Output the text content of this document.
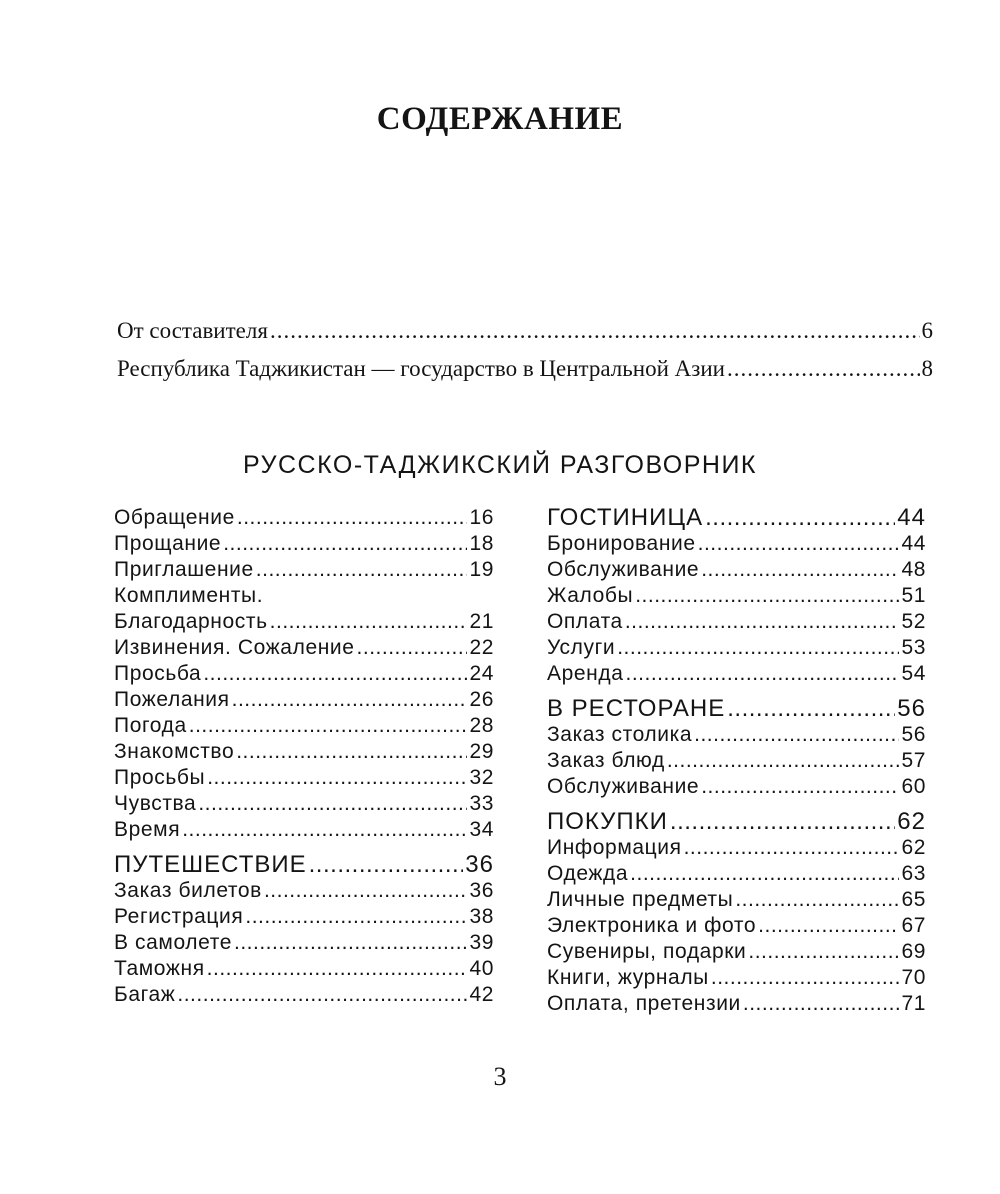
СОДЕРЖАНИЕ
От составителя .....	6
Республика Таджикистан — государство в Центральной Азии .....	8
РУССКО-ТАДЖИКСКИЙ РАЗГОВОРНИК
Обращение .....	16
Прощание .....	18
Приглашение .....	19
Комплименты.
Благодарность .....	21
Извинения. Сожаление .....	22
Просьба .....	24
Пожелания .....	26
Погода .....	28
Знакомство .....	29
Просьбы .....	32
Чувства .....	33
Время .....	34
ПУТЕШЕСТВИЕ .....	36
Заказ билетов .....	36
Регистрация .....	38
В самолете .....	39
Таможня .....	40
Багаж .....	42
ГОСТИНИЦА .....	44
Бронирование .....	44
Обслуживание .....	48
Жалобы .....	51
Оплата .....	52
Услуги .....	53
Аренда .....	54
В РЕСТОРАНЕ .....	56
Заказ столика .....	56
Заказ блюд .....	57
Обслуживание .....	60
ПОКУПКИ .....	62
Информация .....	62
Одежда .....	63
Личные предметы .....	65
Электроника и фото .....	67
Сувениры, подарки .....	69
Книги, журналы .....	70
Оплата, претензии .....	71
3
